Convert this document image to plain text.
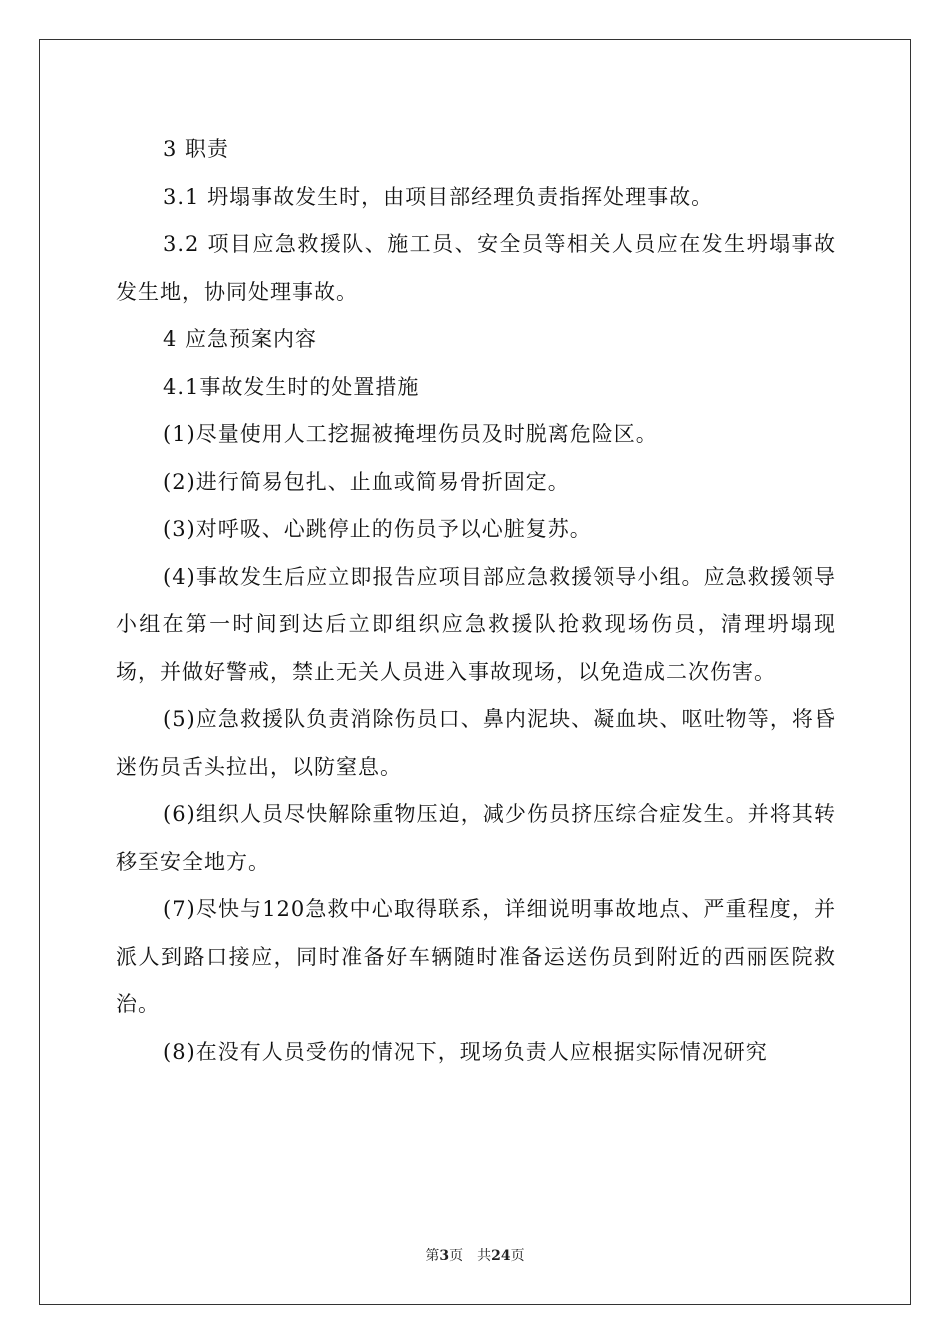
3 职责

3.1 坍塌事故发生时，由项目部经理负责指挥处理事故。

3.2 项目应急救援队、施工员、安全员等相关人员应在发生坍塌事故发生地，协同处理事故。

4 应急预案内容

4.1事故发生时的处置措施

(1)尽量使用人工挖掘被掩埋伤员及时脱离危险区。

(2)进行简易包扎、止血或简易骨折固定。

(3)对呼吸、心跳停止的伤员予以心脏复苏。

(4)事故发生后应立即报告应项目部应急救援领导小组。应急救援领导小组在第一时间到达后立即组织应急救援队抢救现场伤员，清理坍塌现场，并做好警戒，禁止无关人员进入事故现场，以免造成二次伤害。

(5)应急救援队负责消除伤员口、鼻内泥块、凝血块、呕吐物等，将昏迷伤员舌头拉出，以防窒息。

(6)组织人员尽快解除重物压迫，减少伤员挤压综合症发生。并将其转移至安全地方。

(7)尽快与120急救中心取得联系，详细说明事故地点、严重程度，并派人到路口接应，同时准备好车辆随时准备运送伤员到附近的西丽医院救治。

(8)在没有人员受伤的情况下，现场负责人应根据实际情况研究

第3页 共24页
